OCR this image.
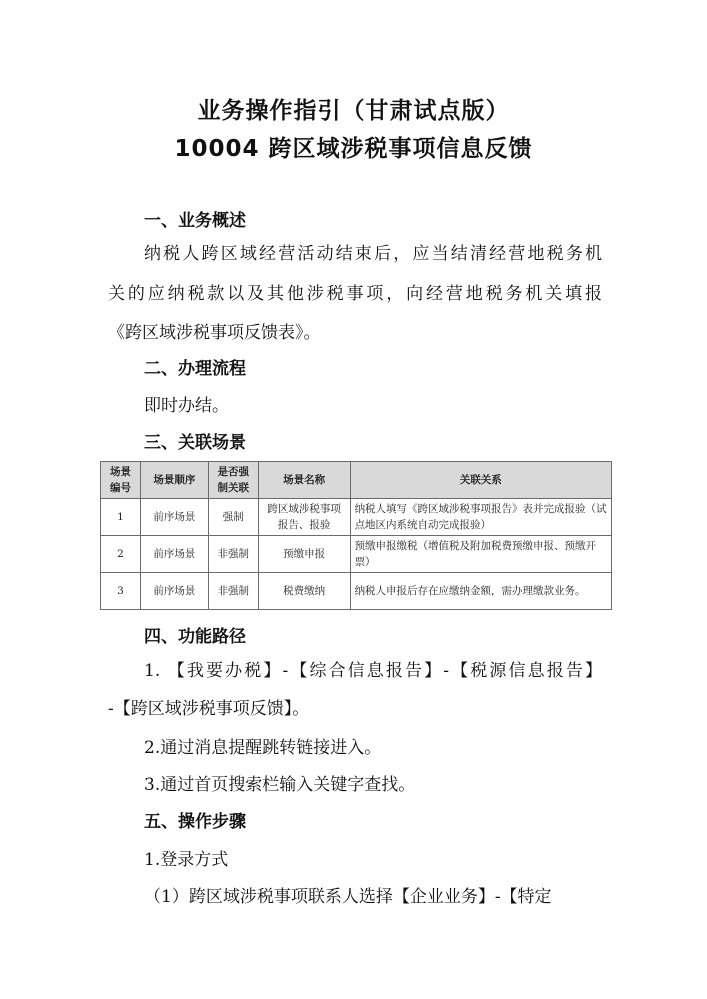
业务操作指引（甘肃试点版）
10004 跨区域涉税事项信息反馈
一、业务概述

纳税人跨区域经营活动结束后，应当结清经营地税务机

关的应纳税款以及其他涉税事项，向经营地税务机关填报

《跨区域涉税事项反馈表》。

二、办理流程

即时办结。

三、关联场景
场景编号	场景顺序	是否强制关联	场景名称	关联关系
1	前序场景	强制	跨区域涉税事项报告、报验	纳税人填写《跨区域涉税事项报告》表并完成报验（试点地区内系统自动完成报验）
2	前序场景	非强制	预缴申报	预缴申报缴税（增值税及附加税费预缴申报、预缴开票）
3	前序场景	非强制	税费缴纳	纳税人申报后存在应缴纳金额，需办理缴款业务。
四、功能路径

1. 【我要办税】-【综合信息报告】-【税源信息报告】

-【跨区域涉税事项反馈】。

2.通过消息提醒跳转链接进入。

3.通过首页搜索栏输入关键字查找。

五、操作步骤

1.登录方式

（1）跨区域涉税事项联系人选择【企业业务】-【特定
